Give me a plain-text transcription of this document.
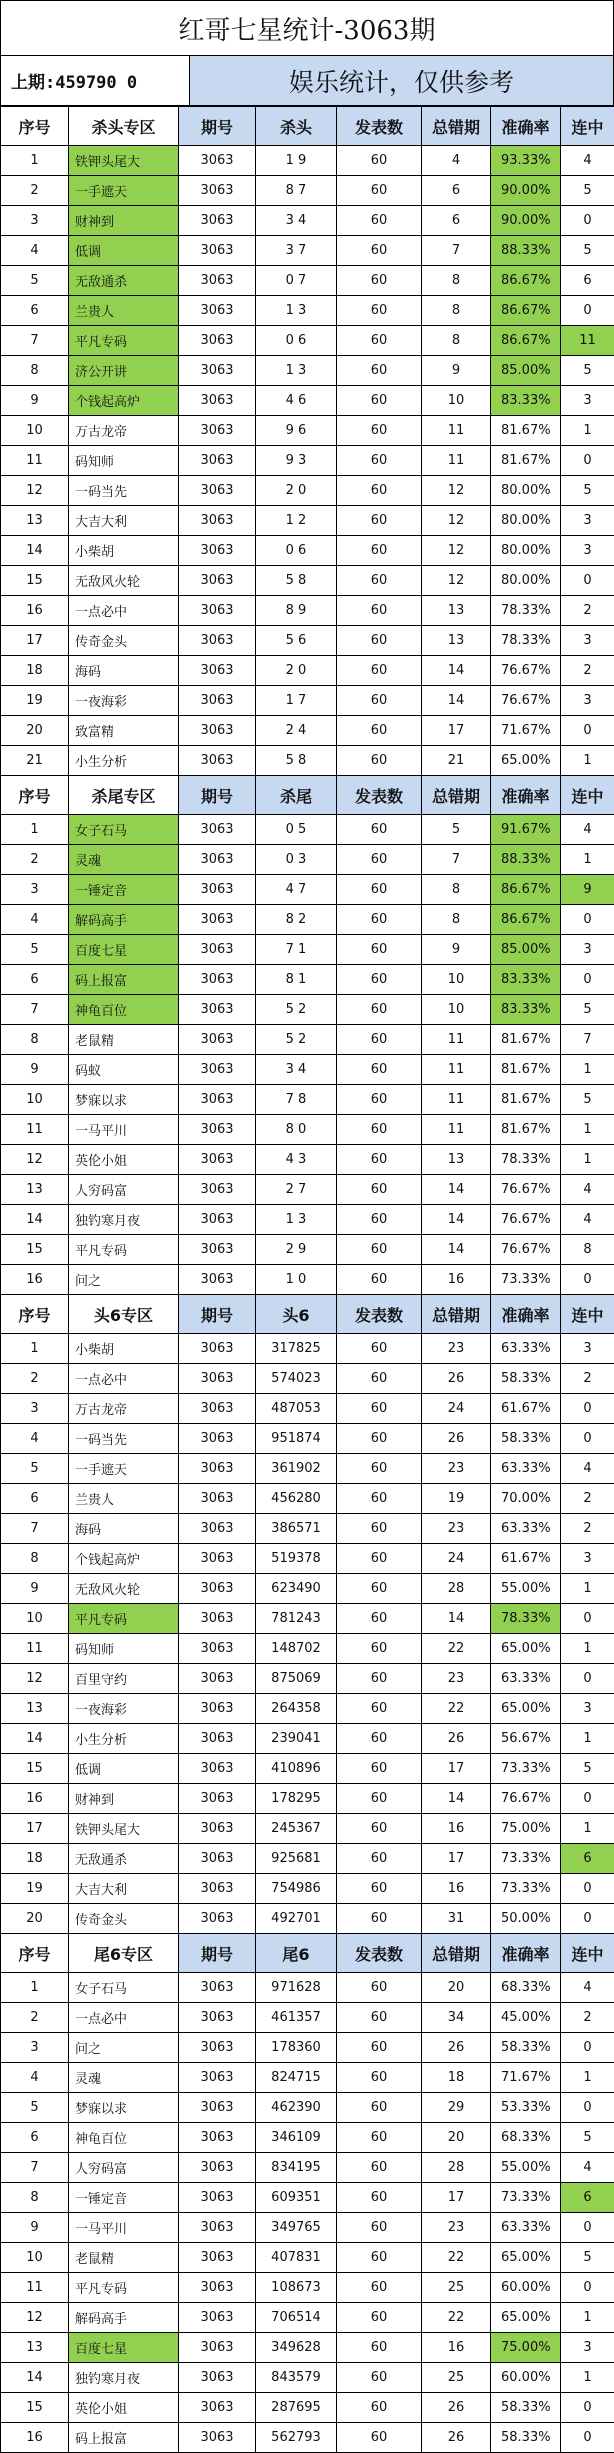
红哥七星统计-3063期
上期:459790 0	娱乐统计，仅供参考
序号	杀头专区	期号	杀头	发表数	总错期	准确率	连中
1	铁钾头尾大	3063	1 9	60	4	93.33%	4
2	一手遮天	3063	8 7	60	6	90.00%	5
3	财神到	3063	3 4	60	6	90.00%	0
4	低调	3063	3 7	60	7	88.33%	5
5	无敌通杀	3063	0 7	60	8	86.67%	6
6	兰贵人	3063	1 3	60	8	86.67%	0
7	平凡专码	3063	0 6	60	8	86.67%	11
8	济公开讲	3063	1 3	60	9	85.00%	5
9	个钱起高炉	3063	4 6	60	10	83.33%	3
10	万古龙帝	3063	9 6	60	11	81.67%	1
11	码知师	3063	9 3	60	11	81.67%	0
12	一码当先	3063	2 0	60	12	80.00%	5
13	大吉大利	3063	1 2	60	12	80.00%	3
14	小柴胡	3063	0 6	60	12	80.00%	3
15	无敌风火轮	3063	5 8	60	12	80.00%	0
16	一点必中	3063	8 9	60	13	78.33%	2
17	传奇金头	3063	5 6	60	13	78.33%	3
18	海码	3063	2 0	60	14	76.67%	2
19	一夜海彩	3063	1 7	60	14	76.67%	3
20	致富精	3063	2 4	60	17	71.67%	0
21	小生分析	3063	5 8	60	21	65.00%	1
序号	杀尾专区	期号	杀尾	发表数	总错期	准确率	连中
1	女子石马	3063	0 5	60	5	91.67%	4
2	灵魂	3063	0 3	60	7	88.33%	1
3	一锤定音	3063	4 7	60	8	86.67%	9
4	解码高手	3063	8 2	60	8	86.67%	0
5	百度七星	3063	7 1	60	9	85.00%	3
6	码上报富	3063	8 1	60	10	83.33%	0
7	神龟百位	3063	5 2	60	10	83.33%	5
8	老鼠精	3063	5 2	60	11	81.67%	7
9	码蚁	3063	3 4	60	11	81.67%	1
10	梦寐以求	3063	7 8	60	11	81.67%	5
11	一马平川	3063	8 0	60	11	81.67%	1
12	英伦小姐	3063	4 3	60	13	78.33%	1
13	人穷码富	3063	2 7	60	14	76.67%	4
14	独钓寒月夜	3063	1 3	60	14	76.67%	4
15	平凡专码	3063	2 9	60	14	76.67%	8
16	问之	3063	1 0	60	16	73.33%	0
序号	头6专区	期号	头6	发表数	总错期	准确率	连中
1	小柴胡	3063	317825	60	23	63.33%	3
2	一点必中	3063	574023	60	26	58.33%	2
3	万古龙帝	3063	487053	60	24	61.67%	0
4	一码当先	3063	951874	60	26	58.33%	0
5	一手遮天	3063	361902	60	23	63.33%	4
6	兰贵人	3063	456280	60	19	70.00%	2
7	海码	3063	386571	60	23	63.33%	2
8	个钱起高炉	3063	519378	60	24	61.67%	3
9	无敌风火轮	3063	623490	60	28	55.00%	1
10	平凡专码	3063	781243	60	14	78.33%	0
11	码知师	3063	148702	60	22	65.00%	1
12	百里守约	3063	875069	60	23	63.33%	0
13	一夜海彩	3063	264358	60	22	65.00%	3
14	小生分析	3063	239041	60	26	56.67%	1
15	低调	3063	410896	60	17	73.33%	5
16	财神到	3063	178295	60	14	76.67%	0
17	铁钾头尾大	3063	245367	60	16	75.00%	1
18	无敌通杀	3063	925681	60	17	73.33%	6
19	大吉大利	3063	754986	60	16	73.33%	0
20	传奇金头	3063	492701	60	31	50.00%	0
序号	尾6专区	期号	尾6	发表数	总错期	准确率	连中
1	女子石马	3063	971628	60	20	68.33%	4
2	一点必中	3063	461357	60	34	45.00%	2
3	问之	3063	178360	60	26	58.33%	0
4	灵魂	3063	824715	60	18	71.67%	1
5	梦寐以求	3063	462390	60	29	53.33%	0
6	神龟百位	3063	346109	60	20	68.33%	5
7	人穷码富	3063	834195	60	28	55.00%	4
8	一锤定音	3063	609351	60	17	73.33%	6
9	一马平川	3063	349765	60	23	63.33%	0
10	老鼠精	3063	407831	60	22	65.00%	5
11	平凡专码	3063	108673	60	25	60.00%	0
12	解码高手	3063	706514	60	22	65.00%	1
13	百度七星	3063	349628	60	16	75.00%	3
14	独钓寒月夜	3063	843579	60	25	60.00%	1
15	英伦小姐	3063	287695	60	26	58.33%	0
16	码上报富	3063	562793	60	26	58.33%	0
